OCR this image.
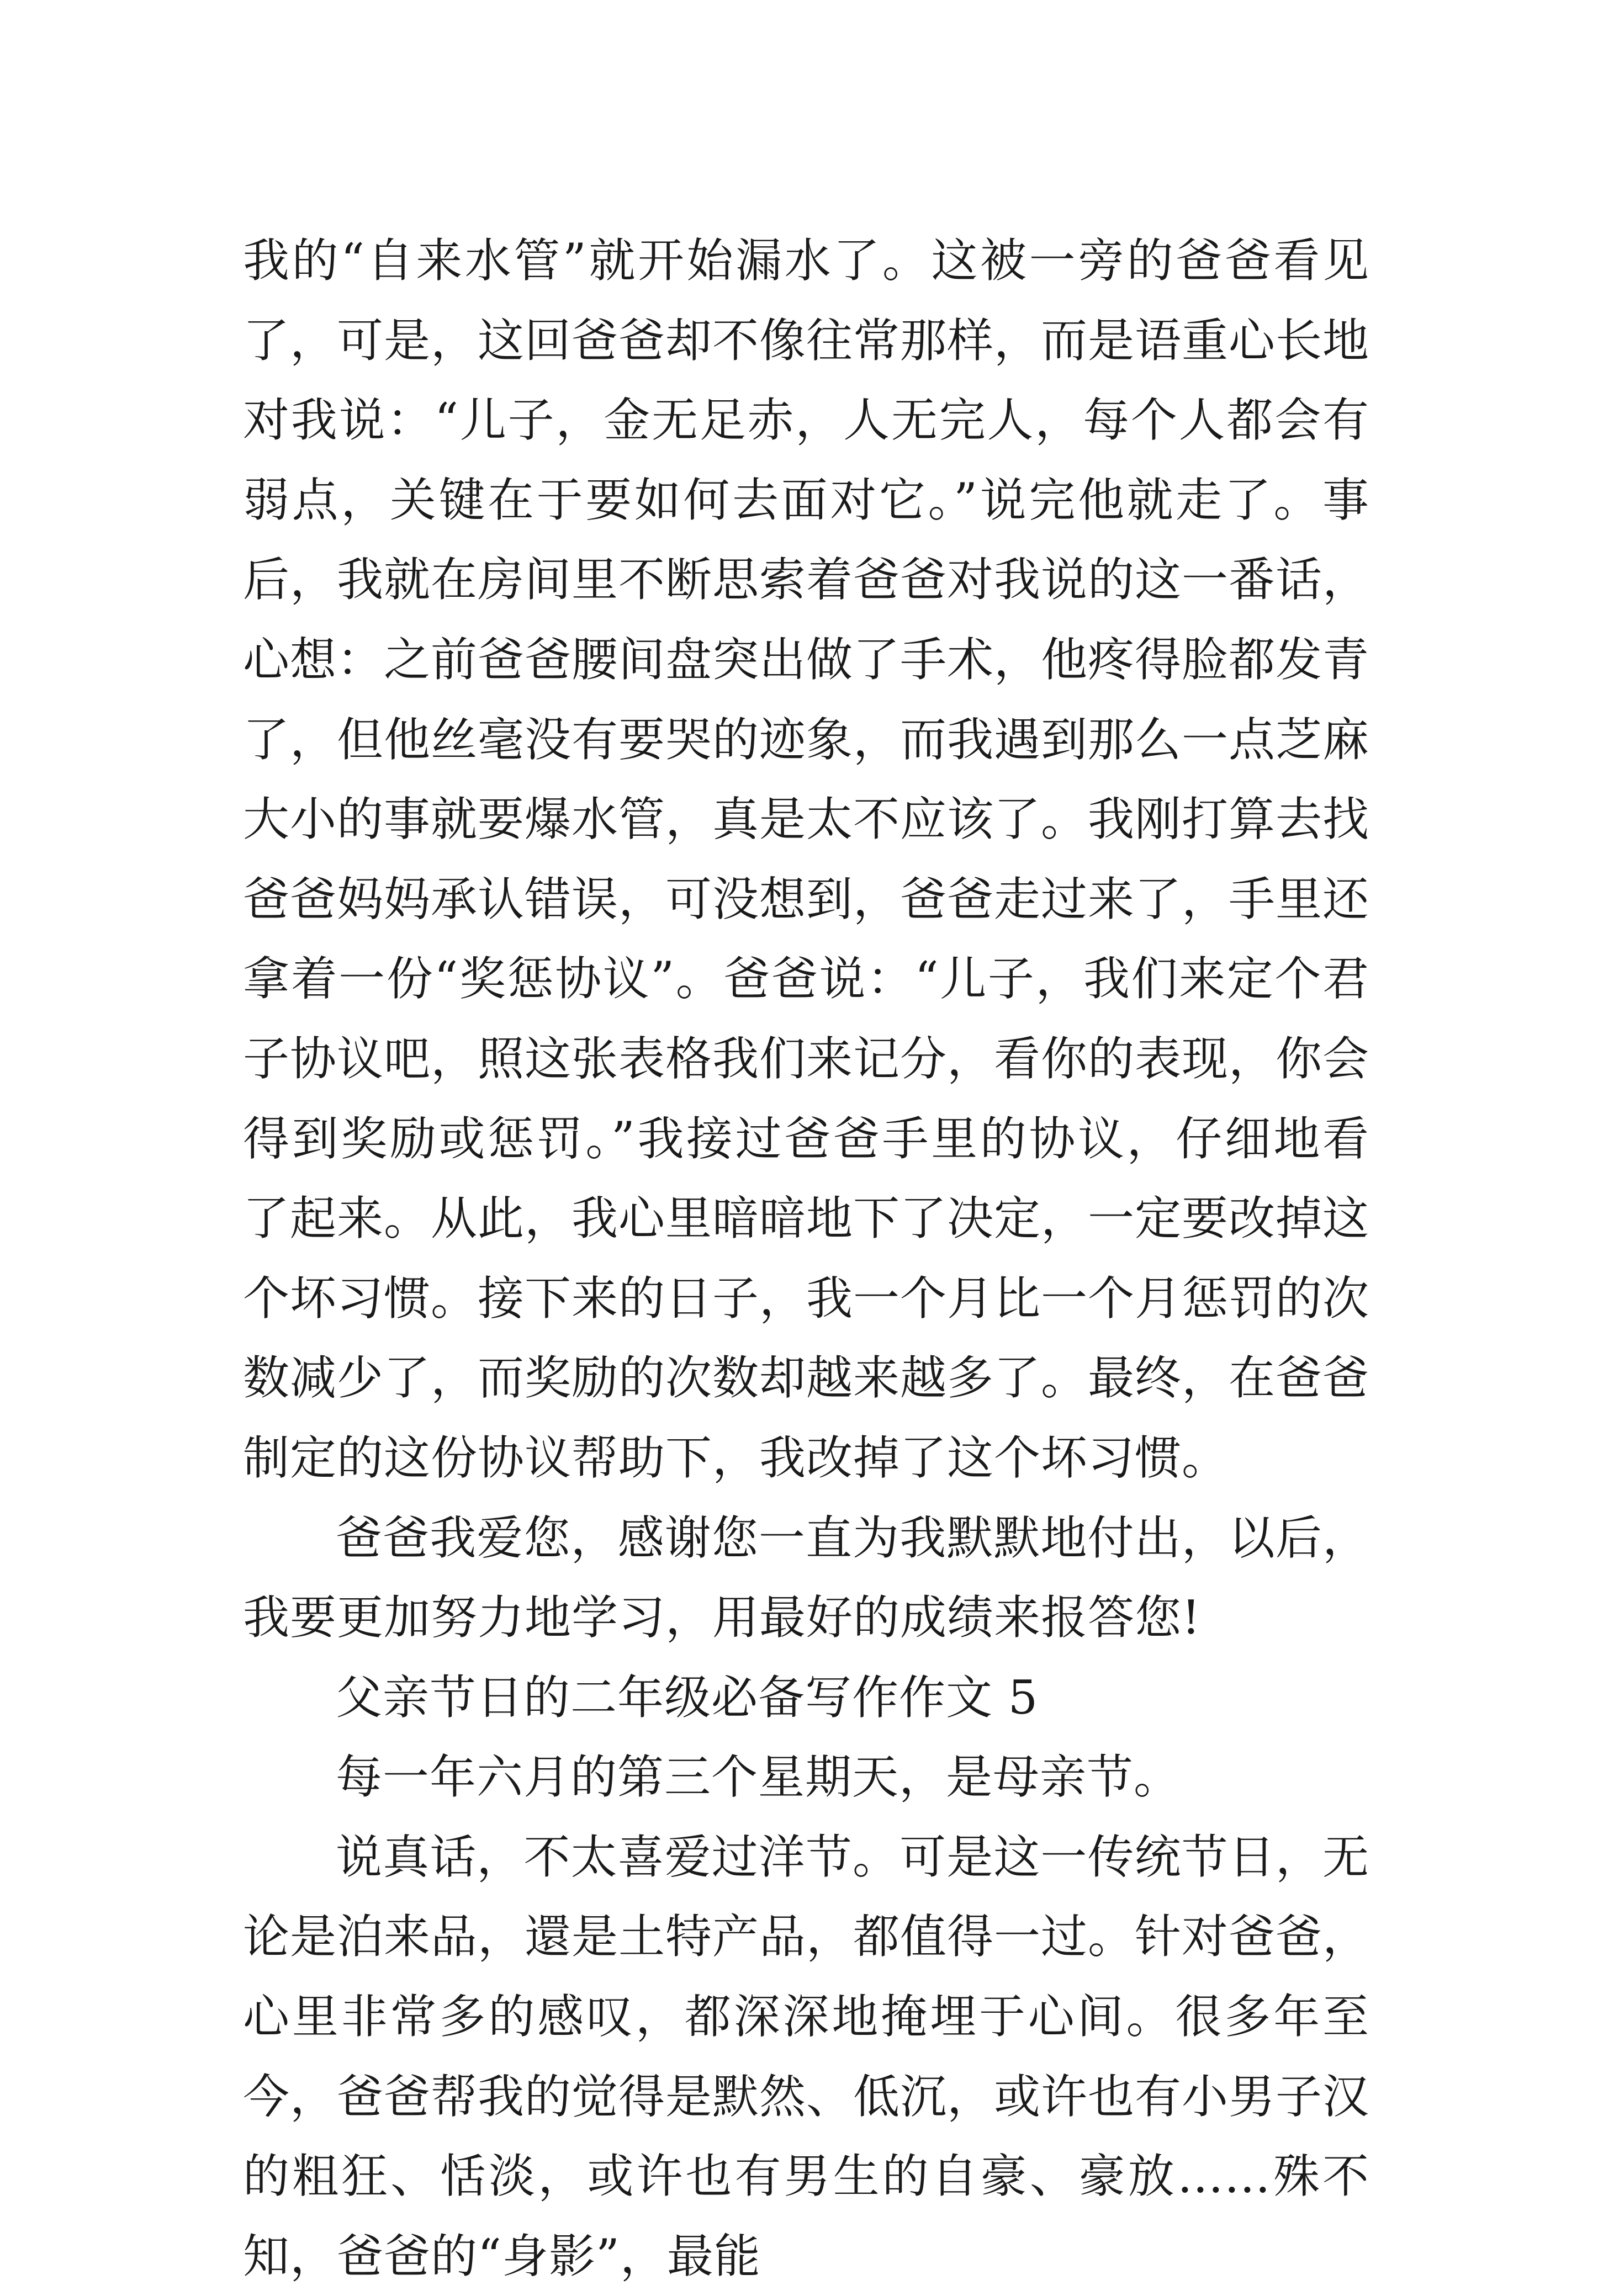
我的“自来水管”就开始漏水了。这被一旁的爸爸看见了，可是，这回爸爸却不像往常那样，而是语重心长地对我说：“儿子，金无足赤，人无完人，每个人都会有弱点，关键在于要如何去面对它。”说完他就走了。事后，我就在房间里不断思索着爸爸对我说的这一番话，心想：之前爸爸腰间盘突出做了手术，他疼得脸都发青了，但他丝毫没有要哭的迹象，而我遇到那么一点芝麻大小的事就要爆水管，真是太不应该了。我刚打算去找爸爸妈妈承认错误，可没想到，爸爸走过来了，手里还拿着一份“奖惩协议”。爸爸说：“儿子，我们来定个君子协议吧，照这张表格我们来记分，看你的表现，你会得到奖励或惩罚。”我接过爸爸手里的协议，仔细地看了起来。从此，我心里暗暗地下了决定，一定要改掉这个坏习惯。接下来的日子，我一个月比一个月惩罚的次数减少了，而奖励的次数却越来越多了。最终，在爸爸制定的这份协议帮助下，我改掉了这个坏习惯。

爸爸我爱您，感谢您一直为我默默地付出，以后，我要更加努力地学习，用最好的成绩来报答您!

父亲节日的二年级必备写作作文 5

每一年六月的第三个星期天，是母亲节。

说真话，不太喜爱过洋节。可是这一传统节日，无论是泊来品，還是土特产品，都值得一过。针对爸爸，心里非常多的感叹，都深深地掩埋于心间。很多年至今，爸爸帮我的觉得是默然、低沉，或许也有小男子汉的粗狂、恬淡，或许也有男生的自豪、豪放……殊不知，爸爸的“身影”，最能
